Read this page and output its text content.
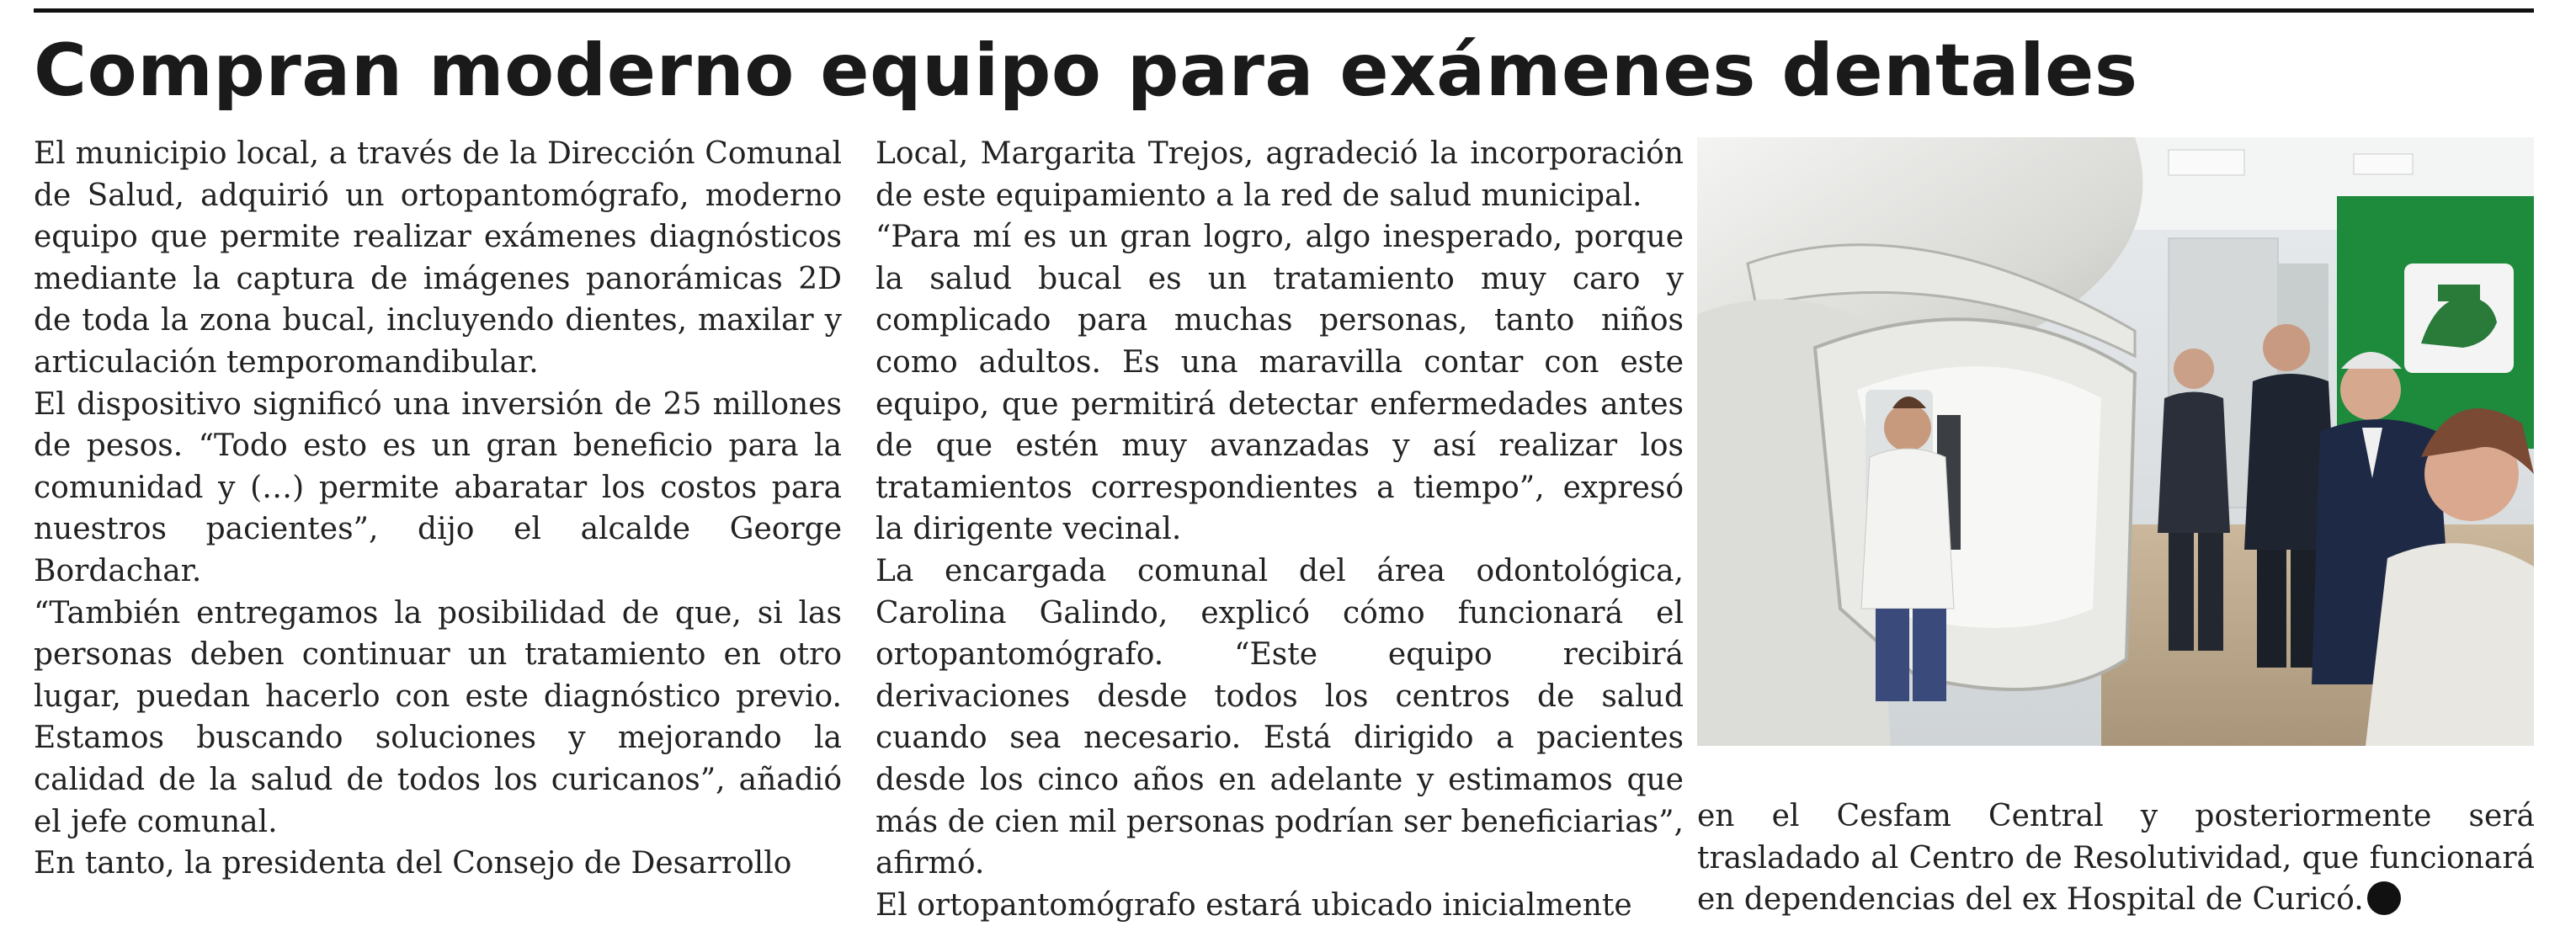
Compran moderno equipo para exámenes dentales

El municipio local, a través de la Dirección Comunal de Salud, adquirió un ortopantomógrafo, moderno equipo que permite realizar exámenes diagnósticos mediante la captura de imágenes panorámicas 2D de toda la zona bucal, incluyendo dientes, maxilar y articulación temporomandibular.

El dispositivo significó una inversión de 25 millones de pesos. “Todo esto es un gran beneficio para la comunidad y (…) permite abaratar los costos para nuestros pacientes”, dijo el alcalde George Bordachar.

“También entregamos la posibilidad de que, si las personas deben continuar un tratamiento en otro lugar, puedan hacerlo con este diagnóstico previo. Estamos buscando soluciones y mejorando la calidad de la salud de todos los curicanos”, añadió el jefe comunal.

En tanto, la presidenta del Consejo de Desarrollo

Local, Margarita Trejos, agradeció la incorporación de este equipamiento a la red de salud municipal.

“Para mí es un gran logro, algo inesperado, porque la salud bucal es un tratamiento muy caro y complicado para muchas personas, tanto niños como adultos. Es una maravilla contar con este equipo, que permitirá detectar enfermedades antes de que estén muy avanzadas y así realizar los tratamientos correspondientes a tiempo”, expresó la dirigente vecinal.

La encargada comunal del área odontológica, Carolina Galindo, explicó cómo funcionará el ortopantomógrafo. “Este equipo recibirá derivaciones desde todos los centros de salud cuando sea necesario. Está dirigido a pacientes desde los cinco años en adelante y estimamos que más de cien mil personas podrían ser beneficiarias”, afirmó.

El ortopantomógrafo estará ubicado inicialmente

en el Cesfam Central y posteriormente será trasladado al Centro de Resolutividad, que funcionará en dependencias del ex Hospital de Curicó.
